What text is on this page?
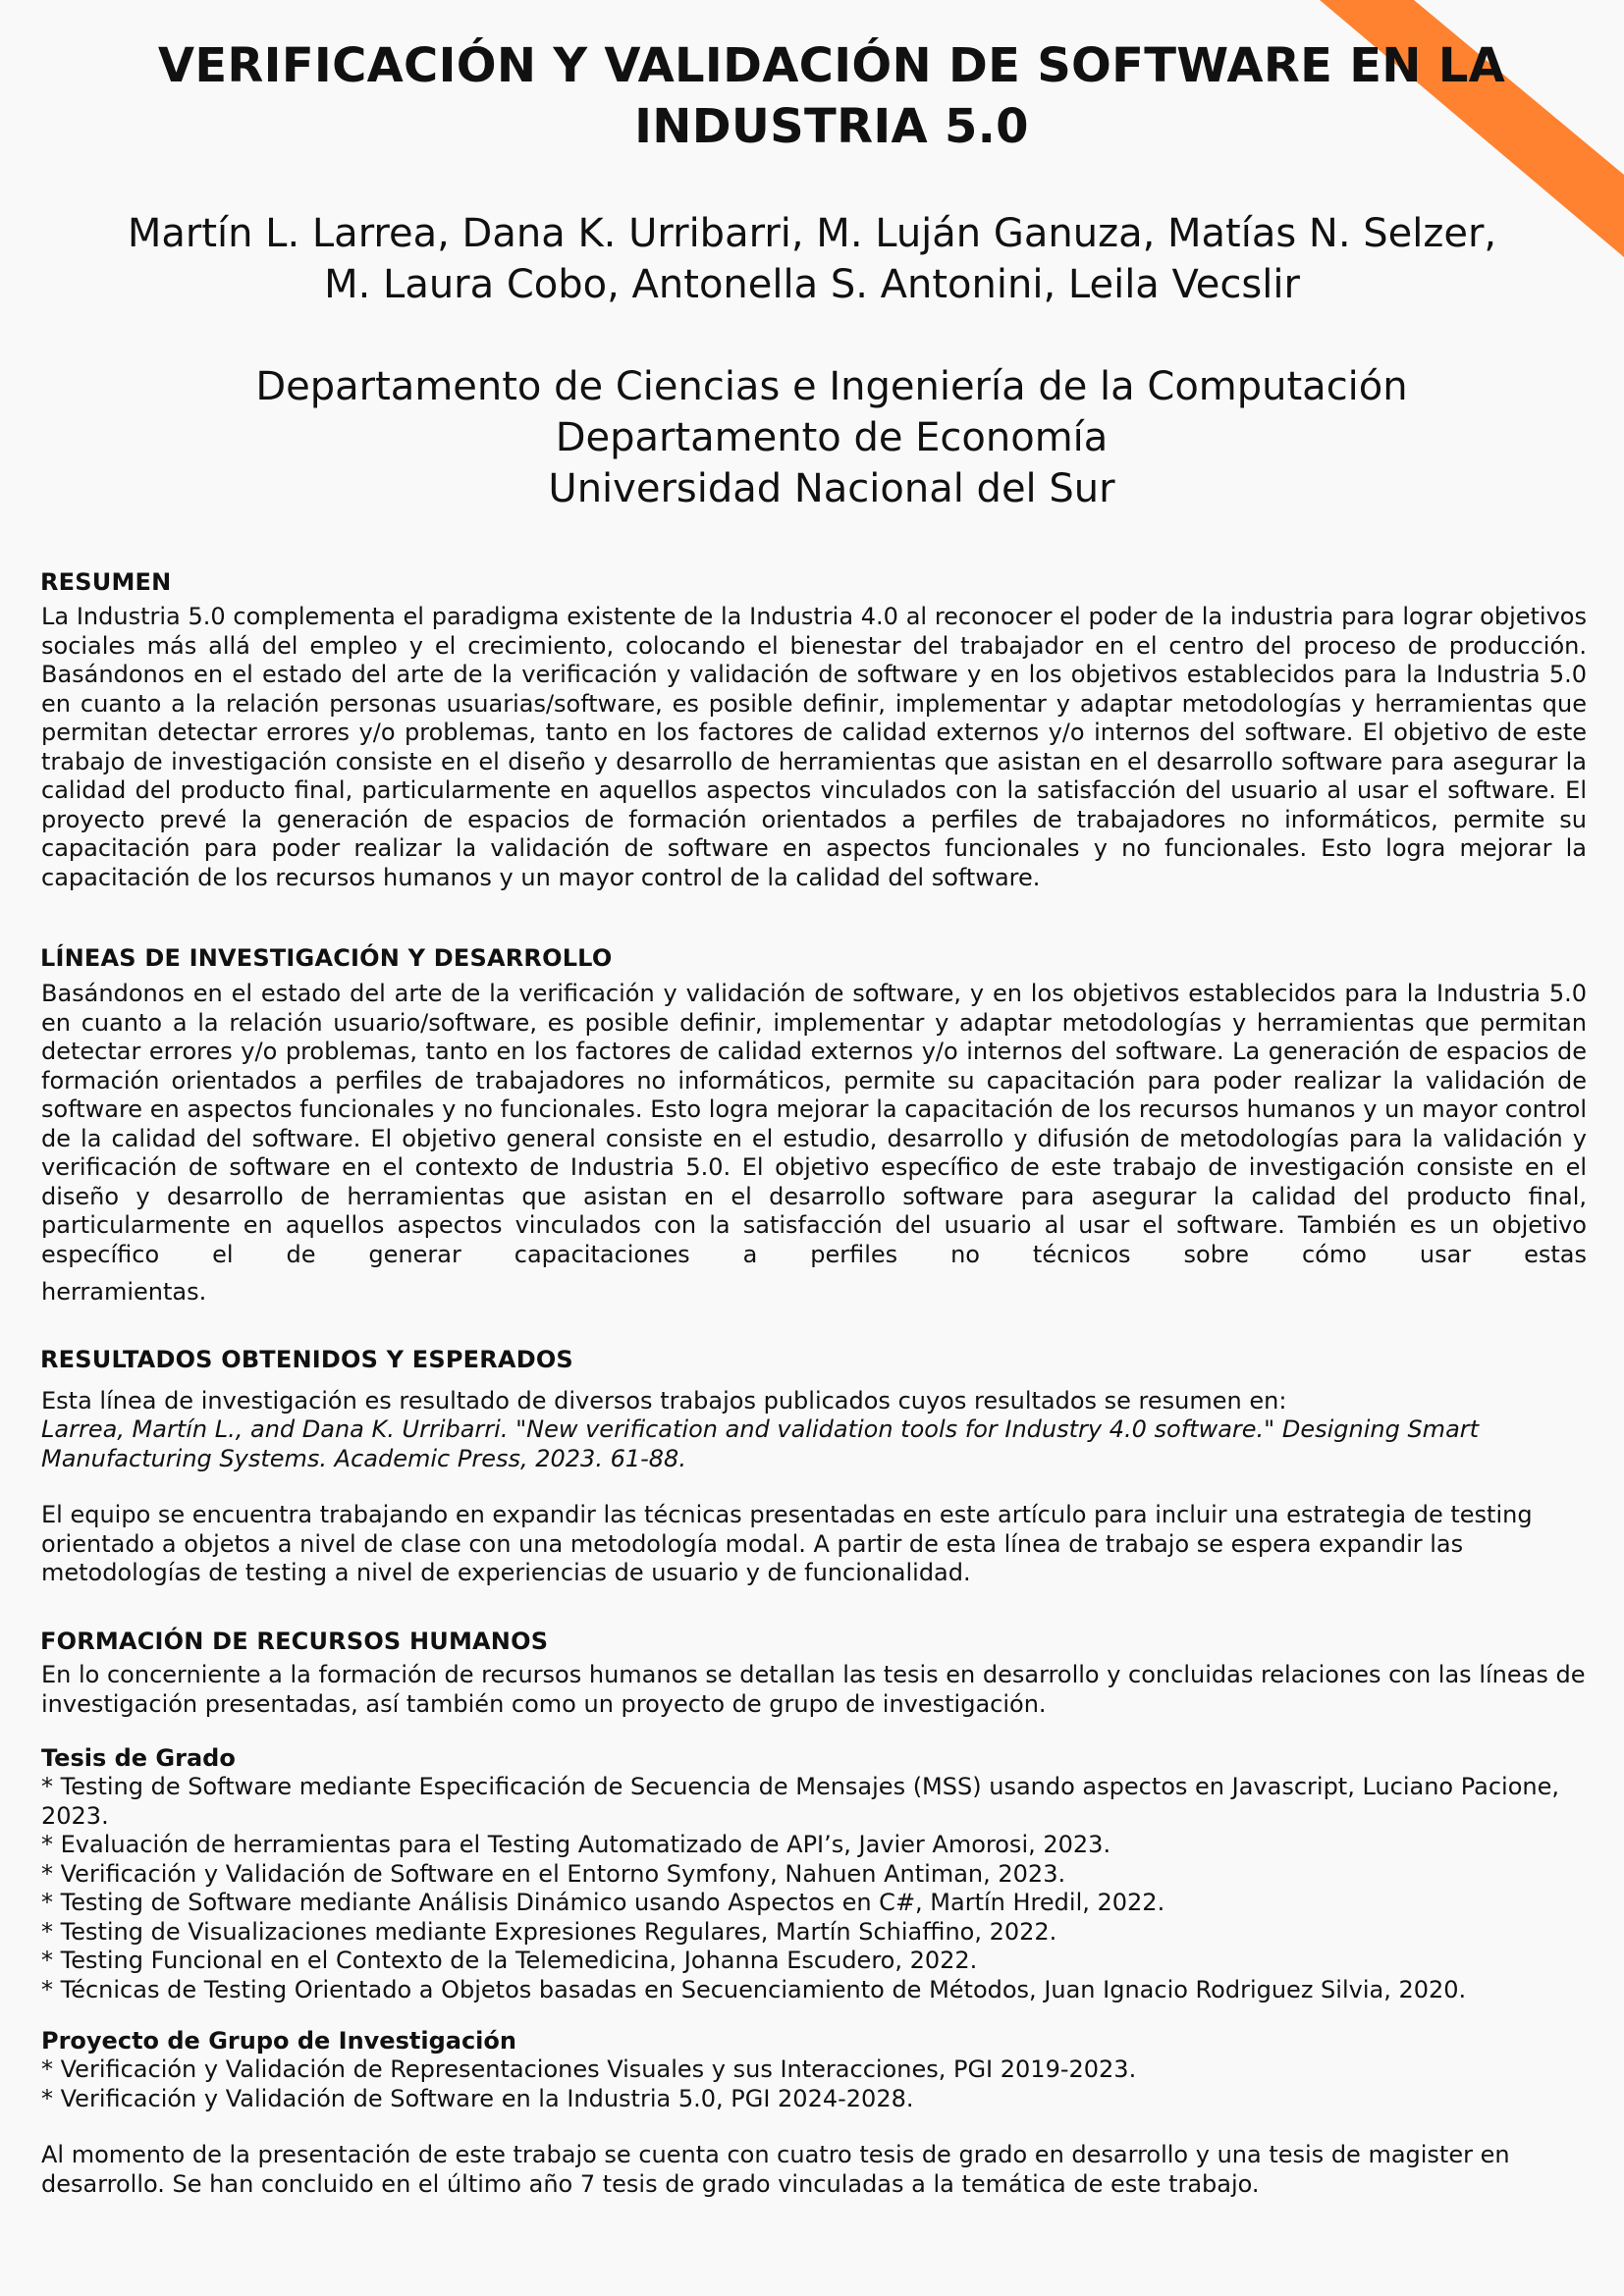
VERIFICACIÓN Y VALIDACIÓN DE SOFTWARE EN LA
INDUSTRIA 5.0
Martín L. Larrea, Dana K. Urribarri, M. Luján Ganuza, Matías N. Selzer,
M. Laura Cobo, Antonella S. Antonini, Leila Vecslir
Departamento de Ciencias e Ingeniería de la Computación
Departamento de Economía
Universidad Nacional del Sur
RESUMEN

La Industria 5.0 complementa el paradigma existente de la Industria 4.0 al reconocer el poder de la industria para lograr objetivos sociales más allá del empleo y el crecimiento, colocando el bienestar del trabajador en el centro del proceso de producción. Basándonos en el estado del arte de la verificación y validación de software y en los objetivos establecidos para la Industria 5.0 en cuanto a la relación personas usuarias/software, es posible definir, implementar y adaptar metodologías y herramientas que permitan detectar errores y/o problemas, tanto en los factores de calidad externos y/o internos del software. El objetivo de este trabajo de investigación consiste en el diseño y desarrollo de herramientas que asistan en el desarrollo software para asegurar la calidad del producto final, particularmente en aquellos aspectos vinculados con la satisfacción del usuario al usar el software. El proyecto prevé la generación de espacios de formación orientados a perfiles de trabajadores no informáticos, permite su capacitación para poder realizar la validación de software en aspectos funcionales y no funcionales. Esto logra mejorar la capacitación de los recursos humanos y un mayor control de la calidad del software.

LÍNEAS DE INVESTIGACIÓN Y DESARROLLO

Basándonos en el estado del arte de la verificación y validación de software, y en los objetivos establecidos para la Industria 5.0 en cuanto a la relación usuario/software, es posible definir, implementar y adaptar metodologías y herramientas que permitan detectar errores y/o problemas, tanto en los factores de calidad externos y/o internos del software. La generación de espacios de formación orientados a perfiles de trabajadores no informáticos, permite su capacitación para poder realizar la validación de software en aspectos funcionales y no funcionales. Esto logra mejorar la capacitación de los recursos humanos y un mayor control de la calidad del software. El objetivo general consiste en el estudio, desarrollo y difusión de metodologías para la validación y verificación de software en el contexto de Industria 5.0. El objetivo específico de este trabajo de investigación consiste en el diseño y desarrollo de herramientas que asistan en el desarrollo software para asegurar la calidad del producto final, particularmente en aquellos aspectos vinculados con la satisfacción del usuario al usar el software. También es un objetivo específico el de generar capacitaciones a perfiles no técnicos sobre cómo usar estas

herramientas.

RESULTADOS OBTENIDOS Y ESPERADOS

Esta línea de investigación es resultado de diversos trabajos publicados cuyos resultados se resumen en:

Larrea, Martín L., and Dana K. Urribarri. "New verification and validation tools for Industry 4.0 software." Designing Smart Manufacturing Systems. Academic Press, 2023. 61-88.

El equipo se encuentra trabajando en expandir las técnicas presentadas en este artículo para incluir una estrategia de testing orientado a objetos a nivel de clase con una metodología modal. A partir de esta línea de trabajo se espera expandir las metodologías de testing a nivel de experiencias de usuario y de funcionalidad.

FORMACIÓN DE RECURSOS HUMANOS

En lo concerniente a la formación de recursos humanos se detallan las tesis en desarrollo y concluidas relaciones con las líneas de investigación presentadas, así también como un proyecto de grupo de investigación.

Tesis de Grado
* Testing de Software mediante Especificación de Secuencia de Mensajes (MSS) usando aspectos en Javascript, Luciano Pacione, 2023.
* Evaluación de herramientas para el Testing Automatizado de API’s, Javier Amorosi, 2023.
* Verificación y Validación de Software en el Entorno Symfony, Nahuen Antiman, 2023.
* Testing de Software mediante Análisis Dinámico usando Aspectos en C#, Martín Hredil, 2022.
* Testing de Visualizaciones mediante Expresiones Regulares, Martín Schiaffino, 2022.
* Testing Funcional en el Contexto de la Telemedicina, Johanna Escudero, 2022.
* Técnicas de Testing Orientado a Objetos basadas en Secuenciamiento de Métodos, Juan Ignacio Rodriguez Silvia, 2020.
Proyecto de Grupo de Investigación
* Verificación y Validación de Representaciones Visuales y sus Interacciones, PGI 2019-2023.
* Verificación y Validación de Software en la Industria 5.0, PGI 2024-2028.

Al momento de la presentación de este trabajo se cuenta con cuatro tesis de grado en desarrollo y una tesis de magister en desarrollo. Se han concluido en el último año 7 tesis de grado vinculadas a la temática de este trabajo.
